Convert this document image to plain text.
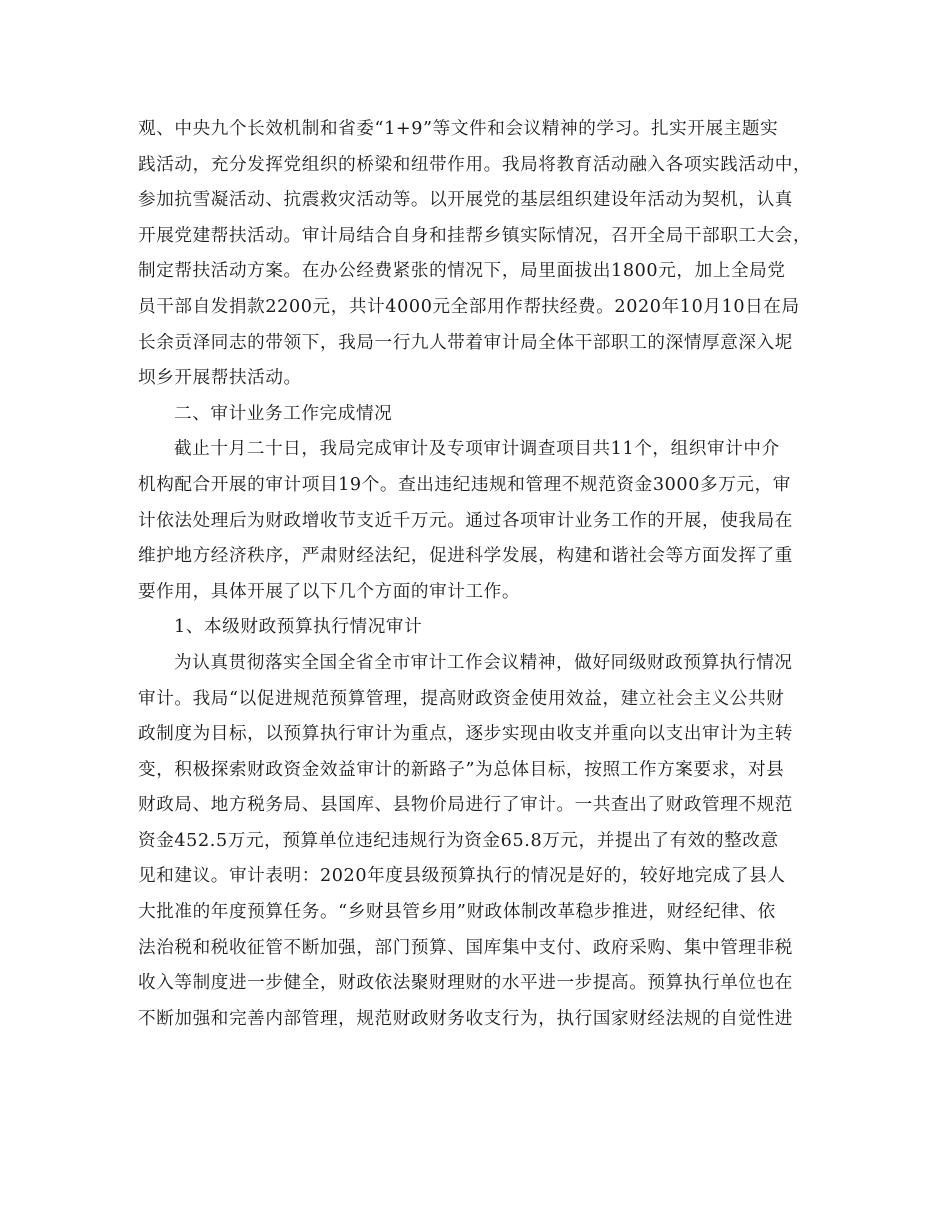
观、中央九个长效机制和省委“1+9”等文件和会议精神的学习。扎实开展主题实
践活动，充分发挥党组织的桥梁和纽带作用。我局将教育活动融入各项实践活动中，
参加抗雪凝活动、抗震救灾活动等。以开展党的基层组织建设年活动为契机，认真
开展党建帮扶活动。审计局结合自身和挂帮乡镇实际情况，召开全局干部职工大会，
制定帮扶活动方案。在办公经费紧张的情况下，局里面拔出1800元，加上全局党
员干部自发捐款2200元，共计4000元全部用作帮扶经费。2020年10月10日在局
长余贡泽同志的带领下，我局一行九人带着审计局全体干部职工的深情厚意深入坭
坝乡开展帮扶活动。
二、审计业务工作完成情况
截止十月二十日，我局完成审计及专项审计调查项目共11个，组织审计中介
机构配合开展的审计项目19个。查出违纪违规和管理不规范资金3000多万元，审
计依法处理后为财政增收节支近千万元。通过各项审计业务工作的开展，使我局在
维护地方经济秩序，严肃财经法纪，促进科学发展，构建和谐社会等方面发挥了重
要作用，具体开展了以下几个方面的审计工作。
1、本级财政预算执行情况审计
为认真贯彻落实全国全省全市审计工作会议精神，做好同级财政预算执行情况
审计。我局“以促进规范预算管理，提高财政资金使用效益，建立社会主义公共财
政制度为目标，以预算执行审计为重点，逐步实现由收支并重向以支出审计为主转
变，积极探索财政资金效益审计的新路子”为总体目标，按照工作方案要求，对县
财政局、地方税务局、县国库、县物价局进行了审计。一共查出了财政管理不规范
资金452.5万元，预算单位违纪违规行为资金65.8万元，并提出了有效的整改意
见和建议。审计表明：2020年度县级预算执行的情况是好的，较好地完成了县人
大批准的年度预算任务。“乡财县管乡用”财政体制改革稳步推进，财经纪律、依
法治税和税收征管不断加强，部门预算、国库集中支付、政府采购、集中管理非税
收入等制度进一步健全，财政依法聚财理财的水平进一步提高。预算执行单位也在
不断加强和完善内部管理，规范财政财务收支行为，执行国家财经法规的自觉性进
